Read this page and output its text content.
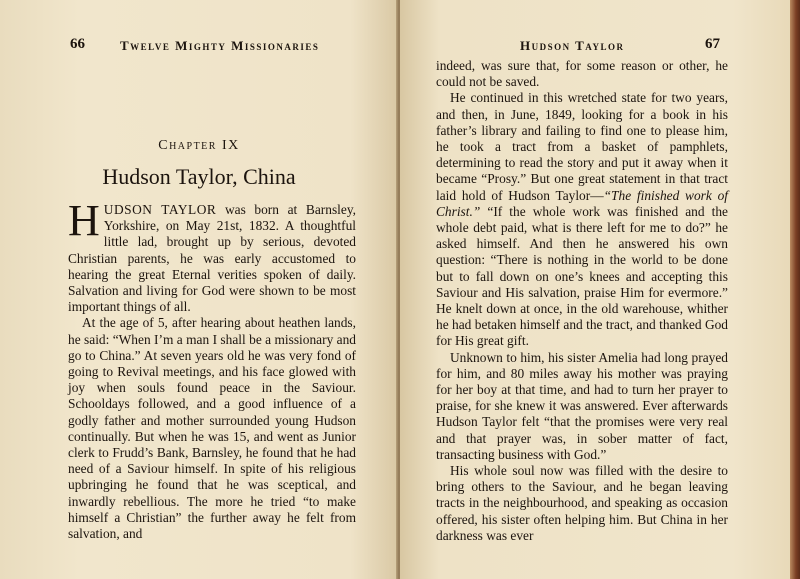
66	Twelve Mighty Missionaries
Chapter IX
Hudson Taylor, China

HUDSON TAYLOR was born at Barnsley, Yorkshire, on May 21st, 1832. A thoughtful little lad, brought up by serious, devoted Christian parents, he was early accustomed to hearing the great Eternal verities spoken of daily. Salvation and living for God were shown to be most important things of all.

At the age of 5, after hearing about heathen lands, he said: “When I’m a man I shall be a missionary and go to China.” At seven years old he was very fond of going to Revival meetings, and his face glowed with joy when souls found peace in the Saviour. Schooldays followed, and a good influence of a godly father and mother surrounded young Hudson continually. But when he was 15, and went as Junior clerk to Frudd’s Bank, Barnsley, he found that he had need of a Saviour himself. In spite of his religious upbringing he found that he was sceptical, and inwardly rebellious. The more he tried “to make himself a Christian” the further away he felt from salvation, and

Hudson Taylor	67

indeed, was sure that, for some reason or other, he could not be saved.

He continued in this wretched state for two years, and then, in June, 1849, looking for a book in his father’s library and failing to find one to please him, he took a tract from a basket of pamphlets, determining to read the story and put it away when it became “Prosy.” But one great statement in that tract laid hold of Hudson Taylor—“The finished work of Christ.” “If the whole work was finished and the whole debt paid, what is there left for me to do?” he asked himself. And then he answered his own question: “There is nothing in the world to be done but to fall down on one’s knees and accepting this Saviour and His salvation, praise Him for evermore.” He knelt down at once, in the old warehouse, whither he had betaken himself and the tract, and thanked God for His great gift.

Unknown to him, his sister Amelia had long prayed for him, and 80 miles away his mother was praying for her boy at that time, and had to turn her prayer to praise, for she knew it was answered. Ever afterwards Hudson Taylor felt “that the promises were very real and that prayer was, in sober matter of fact, transacting business with God.”

His whole soul now was filled with the desire to bring others to the Saviour, and he began leaving tracts in the neighbourhood, and speaking as occasion offered, his sister often helping him. But China in her darkness was ever
